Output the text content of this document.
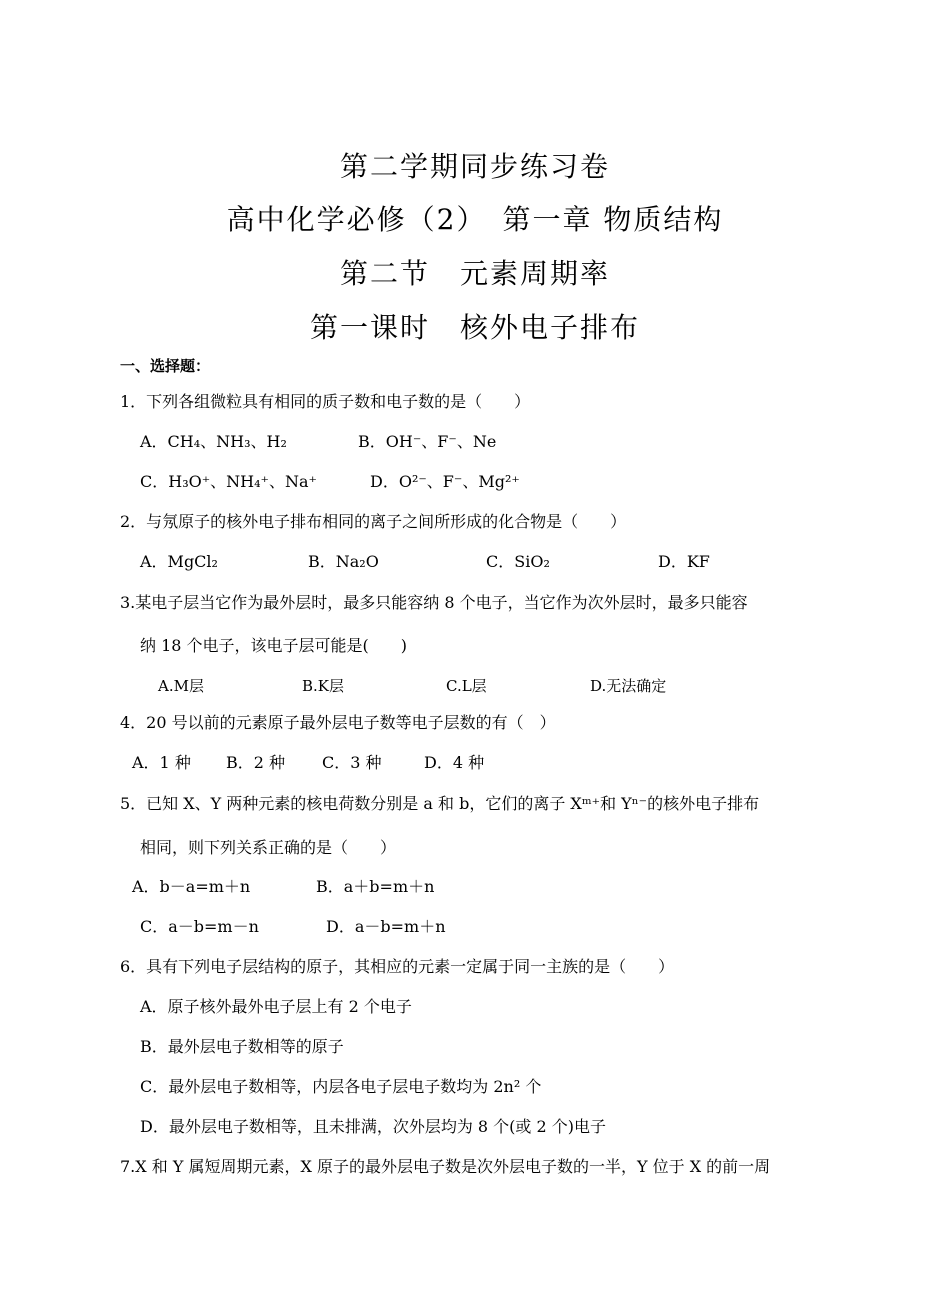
第二学期同步练习卷
高中化学必修（2）　第一章 物质结构
第二节　元素周期率
第一课时　核外电子排布
一、选择题：
1．下列各组微粒具有相同的质子数和电子数的是（　　）
A．CH₄、NH₃、H₂	B．OH⁻、F⁻、Ne
C．H₃O⁺、NH₄⁺、Na⁺	D．O²⁻、F⁻、Mg²⁺
2．与氖原子的核外电子排布相同的离子之间所形成的化合物是（　　）
A．MgCl₂	B．Na₂O	C．SiO₂	D．KF
3.某电子层当它作为最外层时，最多只能容纳 8 个电子，当它作为次外层时，最多只能容
纳 18 个电子，该电子层可能是(　　)
A.M层	B.K层	C.L层	D.无法确定
4．20 号以前的元素原子最外层电子数等电子层数的有（　）
A．1 种 B．2 种 C．3 种	D．4 种
5．已知 X、Y 两种元素的核电荷数分别是 a 和 b，它们的离子 Xᵐ⁺和 Yⁿ⁻的核外电子排布
相同，则下列关系正确的是（　　）
A．b－a=m＋n	B．a＋b=m＋n
C．a－b=m－n	D．a－b=m＋n
6．具有下列电子层结构的原子，其相应的元素一定属于同一主族的是（　　）
A．原子核外最外电子层上有 2 个电子
B．最外层电子数相等的原子
C．最外层电子数相等，内层各电子层电子数均为 2n² 个
D．最外层电子数相等，且未排满，次外层均为 8 个(或 2 个)电子
7.X 和 Y 属短周期元素，X 原子的最外层电子数是次外层电子数的一半，Y 位于 X 的前一周
